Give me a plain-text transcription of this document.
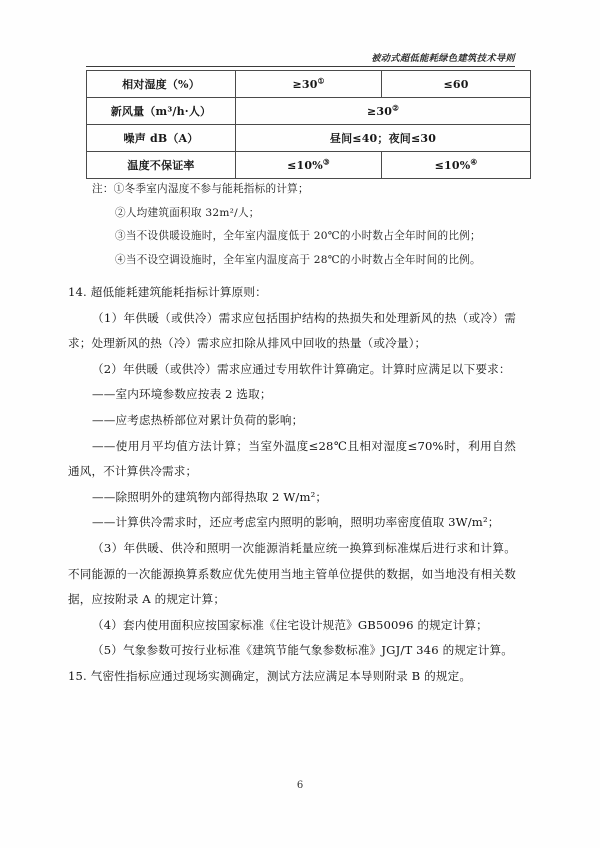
被动式超低能耗绿色建筑技术导则
相对湿度（%）	≥30①	≤60
新风量（m³/h·人）	≥30②
噪声 dB（A）	昼间≤40；夜间≤30	
温度不保证率	≤10%③	≤10%④
注：①冬季室内湿度不参与能耗指标的计算；
②人均建筑面积取 32m²/人；
③当不设供暖设施时，全年室内温度低于 20℃的小时数占全年时间的比例；
④当不设空调设施时，全年室内温度高于 28℃的小时数占全年时间的比例。

14. 超低能耗建筑能耗指标计算原则：

（1）年供暖（或供冷）需求应包括围护结构的热损失和处理新风的热（或冷）需求；处理新风的热（冷）需求应扣除从排风中回收的热量（或冷量）；

（2）年供暖（或供冷）需求应通过专用软件计算确定。计算时应满足以下要求：

——室内环境参数应按表 2 选取；

——应考虑热桥部位对累计负荷的影响；

——使用月平均值方法计算；当室外温度≤28℃且相对湿度≤70%时，利用自然通风，不计算供冷需求；

——除照明外的建筑物内部得热取 2 W/m²；

——计算供冷需求时，还应考虑室内照明的影响，照明功率密度值取 3W/m²；

（3）年供暖、供冷和照明一次能源消耗量应统一换算到标准煤后进行求和计算。不同能源的一次能源换算系数应优先使用当地主管单位提供的数据，如当地没有相关数据，应按附录 A 的规定计算；

（4）套内使用面积应按国家标准《住宅设计规范》GB50096 的规定计算；

（5）气象参数可按行业标准《建筑节能气象参数标准》JGJ/T 346 的规定计算。

15. 气密性指标应通过现场实测确定，测试方法应满足本导则附录 B 的规定。

6
